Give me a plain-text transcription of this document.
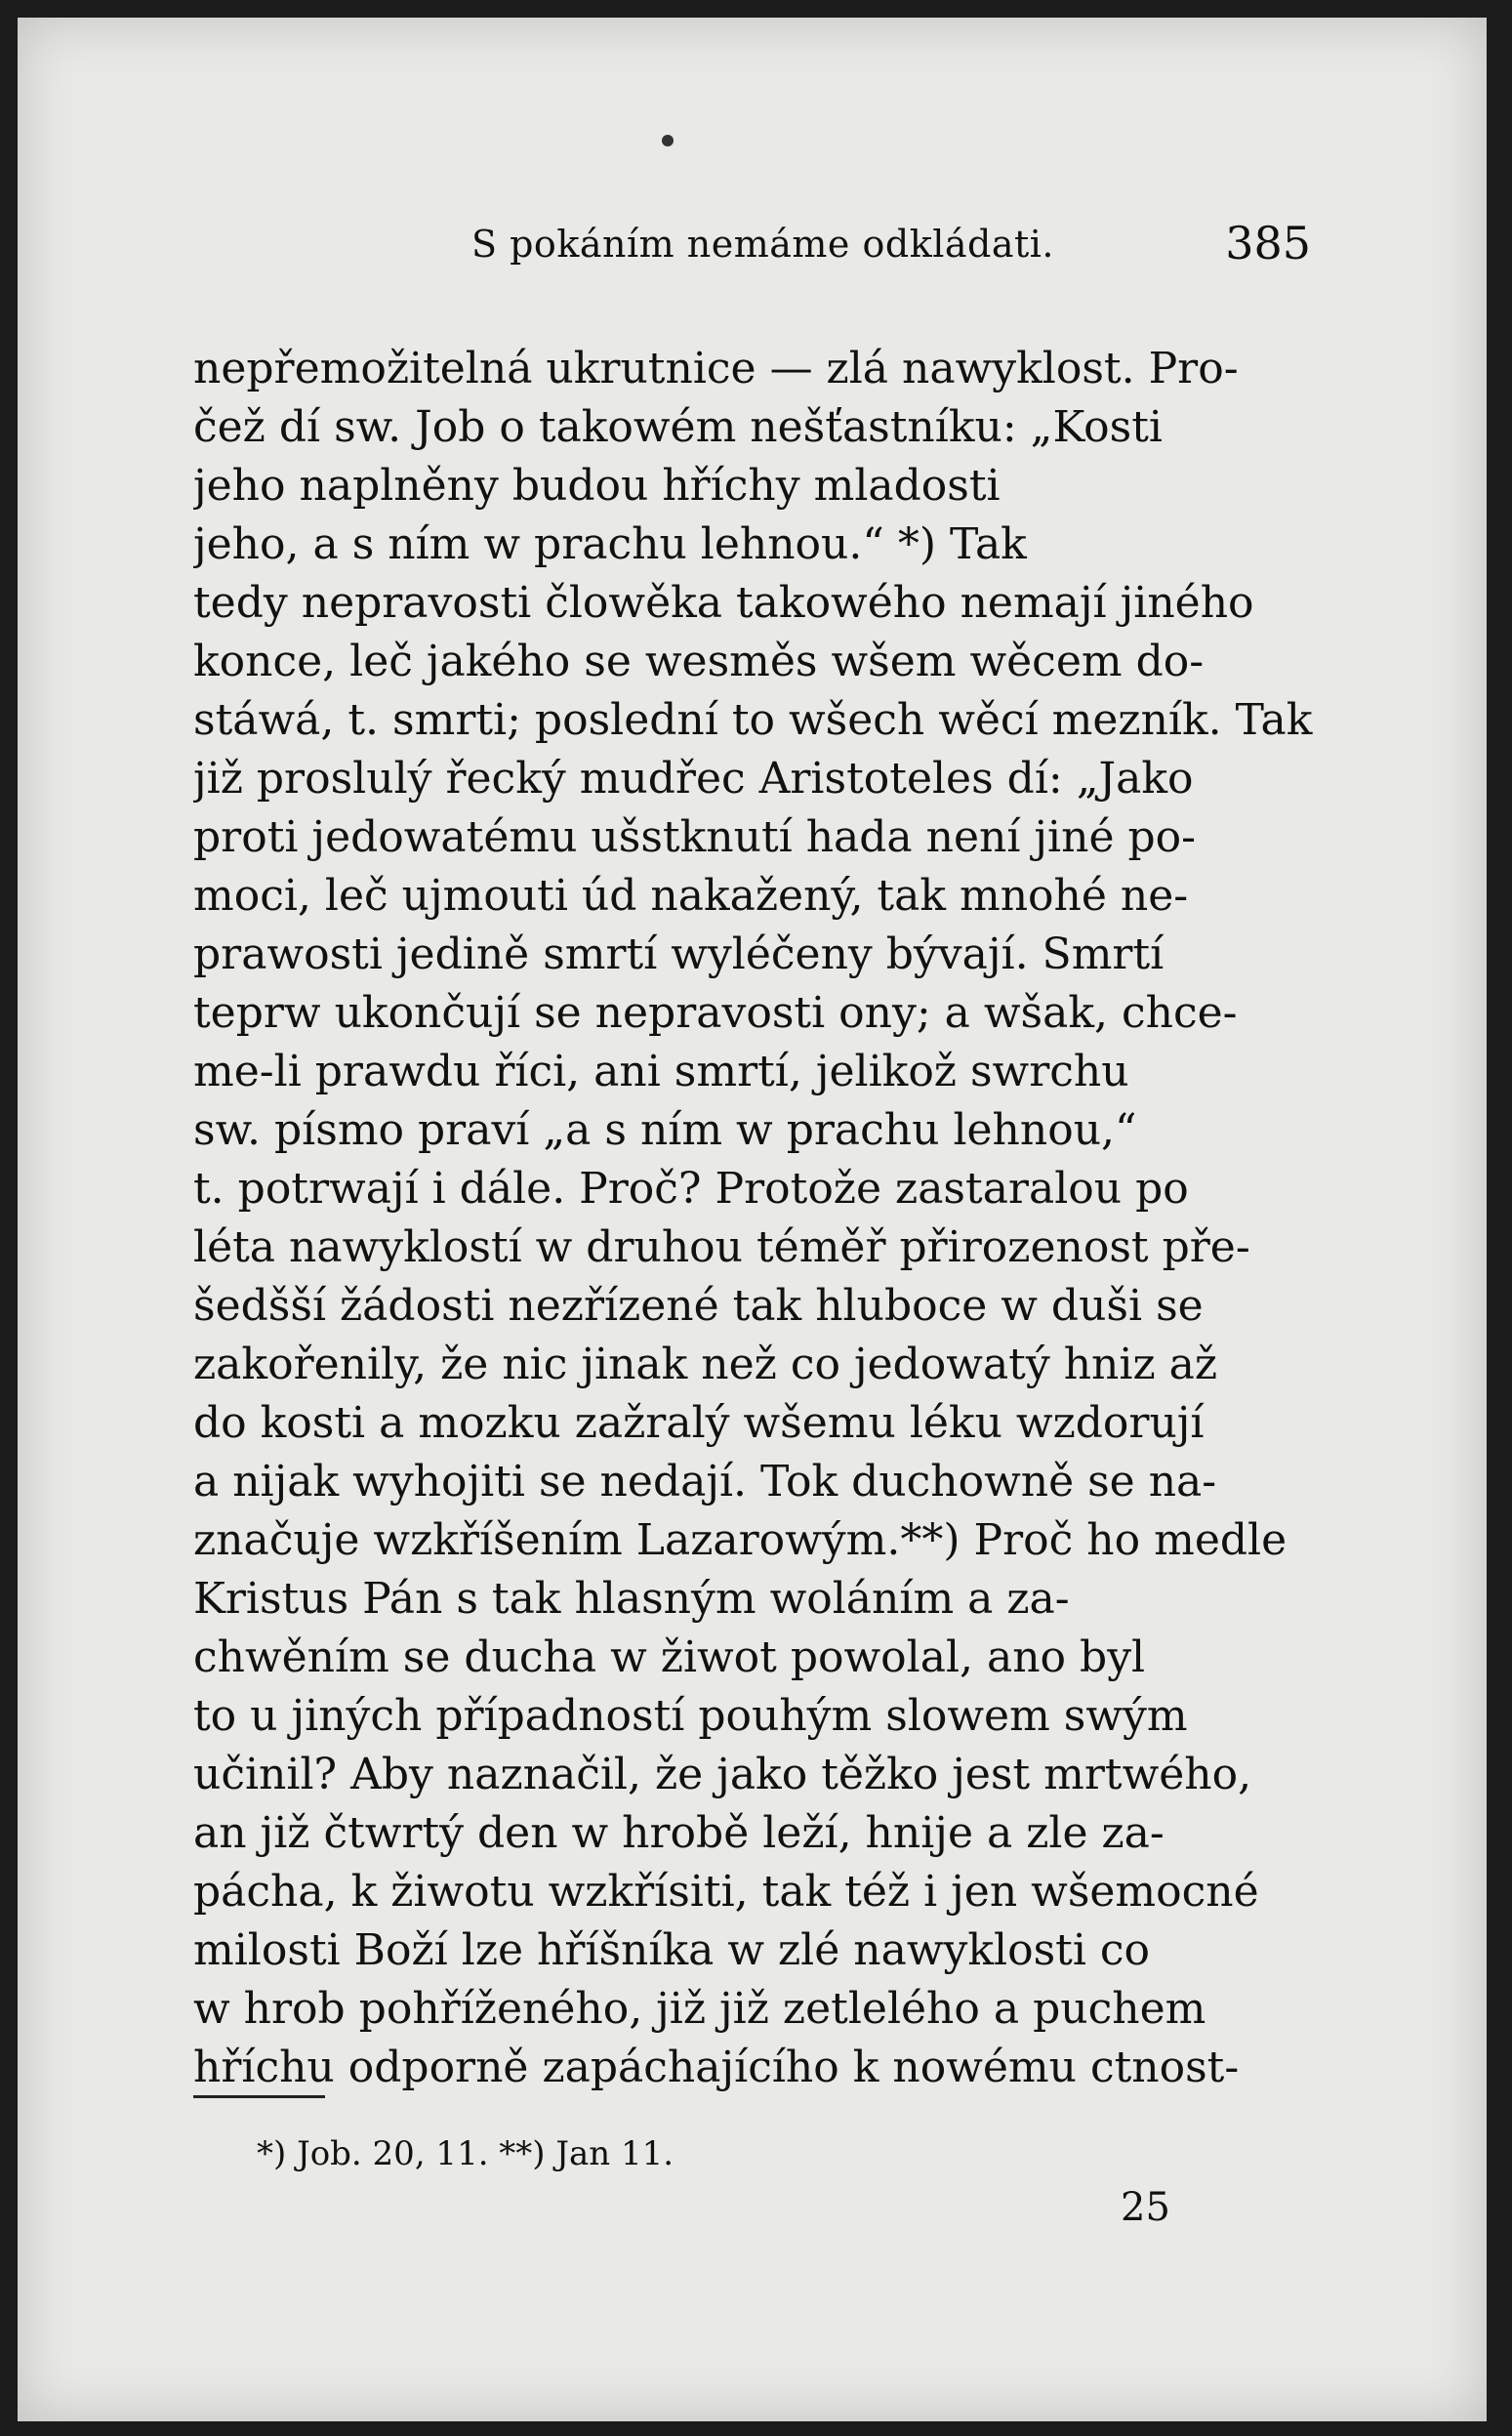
S pokáním nemáme odkládati.	385
nepřemožitelná ukrutnice — zlá nawyklost. Pro-
čež dí sw. Job o takowém nešťastníku: „Kosti
jeho naplněny budou hříchy mladosti
jeho, a s ním w prachu lehnou.“ *) Tak
tedy nepravosti člowěka takowého nemají jiného
konce, leč jakého se wesměs wšem wěcem do-
stáwá, t. smrti; poslední to wšech wěcí mezník. Tak
již proslulý řecký mudřec Aristoteles dí: „Jako
proti jedowatému ušstknutí hada není jiné po-
moci, leč ujmouti úd nakažený, tak mnohé ne-
prawosti jedině smrtí wyléčeny bývají. Smrtí
teprw ukončují se nepravosti ony; a wšak, chce-
me-li prawdu říci, ani smrtí, jelikož swrchu
sw. písmo praví „a s ním w prachu lehnou,“
t. potrwají i dále. Proč? Protože zastaralou po
léta nawyklostí w druhou téměř přirozenost pře-
šedšší žádosti nezřízené tak hluboce w duši se
zakořenily, že nic jinak než co jedowatý hniz až
do kosti a mozku zažralý wšemu léku wzdorují
a nijak wyhojiti se nedají. Tok duchowně se na-
značuje wzkříšením Lazarowým.**) Proč ho medle
Kristus Pán s tak hlasným woláním a za-
chwěním se ducha w žiwot powolal, ano byl
to u jiných případností pouhým slowem swým
učinil? Aby naznačil, že jako těžko jest mrtwého,
an již čtwrtý den w hrobě leží, hnije a zle za-
pácha, k žiwotu wzkřísiti, tak též i jen wšemocné
milosti Boží lze hříšníka w zlé nawyklosti co
w hrob pohříženého, již již zetlelého a puchem
hříchu odporně zapáchajícího k nowému ctnost-
*) Job. 20, 11. **) Jan 11.
25
